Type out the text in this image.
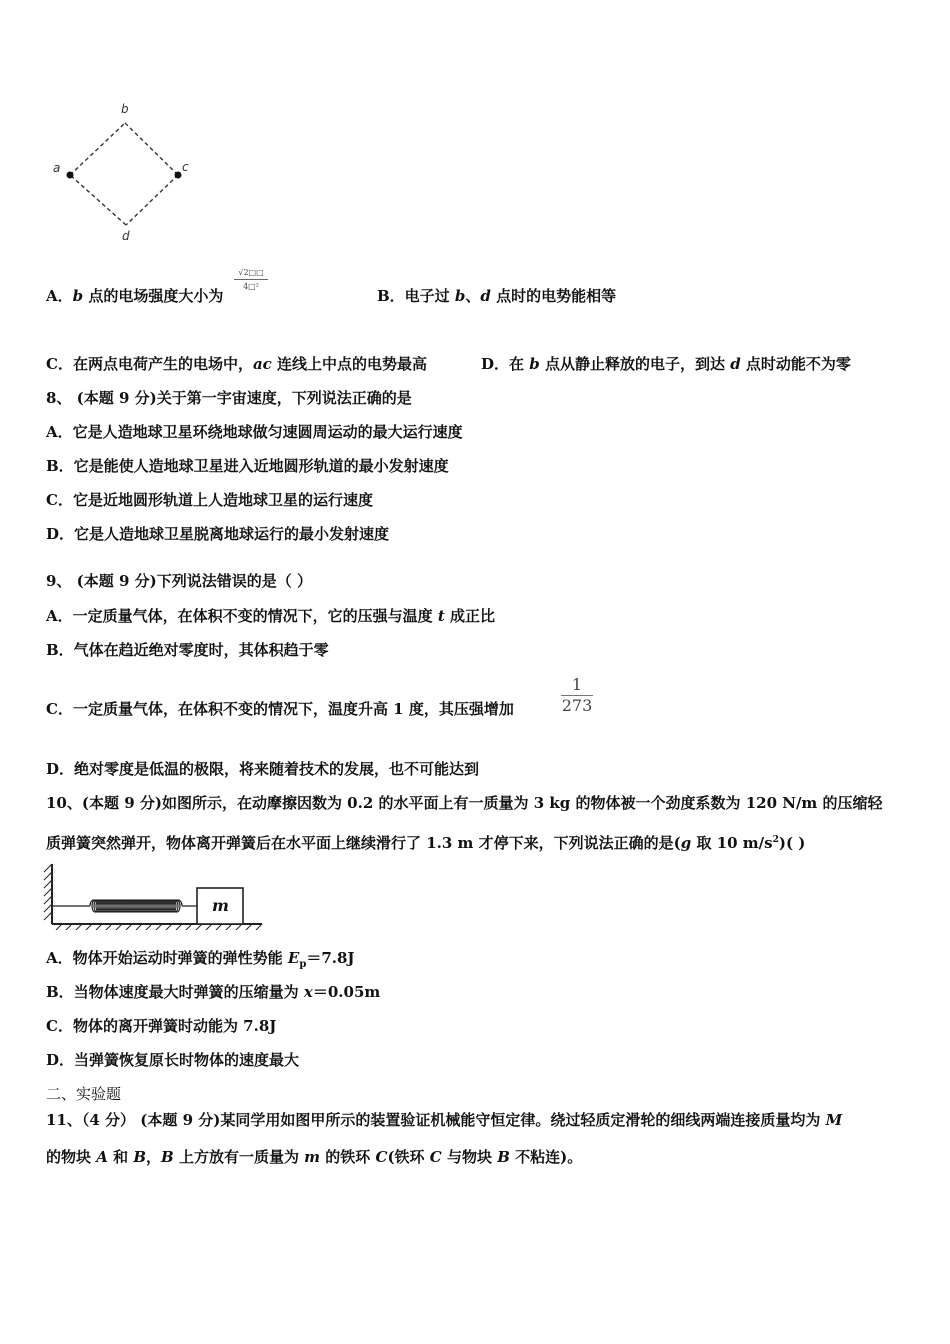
a
b
c
d
A．b 点的电场强度大小为
√2□□
4□²
B．电子过 b、d 点时的电势能相等
C．在两点电荷产生的电场中，ac 连线上中点的电势最高	D．在 b 点从静止释放的电子，到达 d 点时动能不为零
8、 (本题 9 分)关于第一宇宙速度，下列说法正确的是
A．它是人造地球卫星环绕地球做匀速圆周运动的最大运行速度
B．它是能使人造地球卫星进入近地圆形轨道的最小发射速度
C．它是近地圆形轨道上人造地球卫星的运行速度
D．它是人造地球卫星脱离地球运行的最小发射速度
9、 (本题 9 分)下列说法错误的是（ ）
A．一定质量气体，在体积不变的情况下，它的压强与温度 t 成正比
B．气体在趋近绝对零度时，其体积趋于零
C．一定质量气体，在体积不变的情况下，温度升高 1 度，其压强增加
1
273
D．绝对零度是低温的极限，将来随着技术的发展，也不可能达到
10、(本题 9 分)如图所示，在动摩擦因数为 0.2 的水平面上有一质量为 3 kg 的物体被一个劲度系数为 120 N/m 的压缩轻
质弹簧突然弹开，物体离开弹簧后在水平面上继续滑行了 1.3 m 才停下来，下列说法正确的是(g 取 10 $m/s^2$)( )
m
A．物体开始运动时弹簧的弹性势能 $E_p=7.8J$
B．当物体速度最大时弹簧的压缩量为 x＝0.05m
C．物体的离开弹簧时动能为 7.8J
D．当弹簧恢复原长时物体的速度最大
二、实验题
11、（4 分） (本题 9 分)某同学用如图甲所示的装置验证机械能守恒定律。绕过轻质定滑轮的细线两端连接质量均为 M
的物块 A 和 B，B 上方放有一质量为 m 的铁环 C(铁环 C 与物块 B 不粘连)。
